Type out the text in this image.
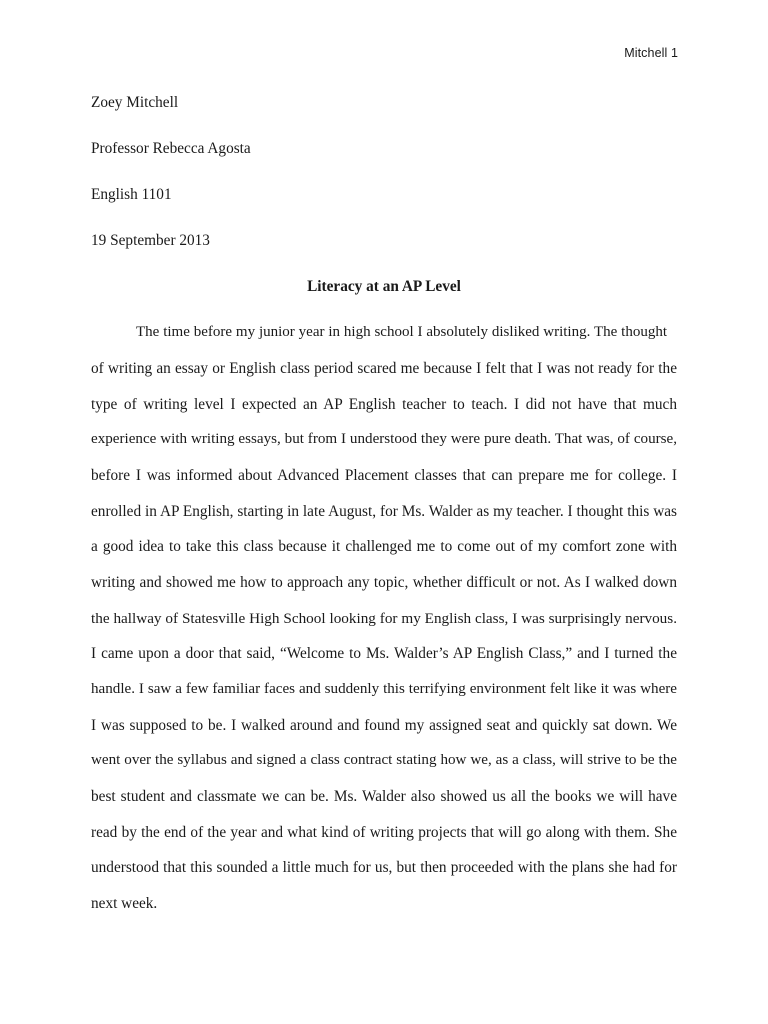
Mitchell 1
Zoey Mitchell
Professor Rebecca Agosta
English 1101
19 September 2013
Literacy at an AP Level
The time before my junior year in high school I absolutely disliked writing. The thought
of writing an essay or English class period scared me because I felt that I was not ready for the
type of writing level I expected an AP English teacher to teach. I did not have that much
experience with writing essays, but from I understood they were pure death. That was, of course,
before I was informed about Advanced Placement classes that can prepare me for college. I
enrolled in AP English, starting in late August, for Ms. Walder as my teacher. I thought this was
a good idea to take this class because it challenged me to come out of my comfort zone with
writing and showed me how to approach any topic, whether difficult or not. As I walked down
the hallway of Statesville High School looking for my English class, I was surprisingly nervous.
I came upon a door that said, “Welcome to Ms. Walder’s AP English Class,” and I turned the
handle. I saw a few familiar faces and suddenly this terrifying environment felt like it was where
I was supposed to be. I walked around and found my assigned seat and quickly sat down. We
went over the syllabus and signed a class contract stating how we, as a class, will strive to be the
best student and classmate we can be. Ms. Walder also showed us all the books we will have
read by the end of the year and what kind of writing projects that will go along with them. She
understood that this sounded a little much for us, but then proceeded with the plans she had for
next week.
